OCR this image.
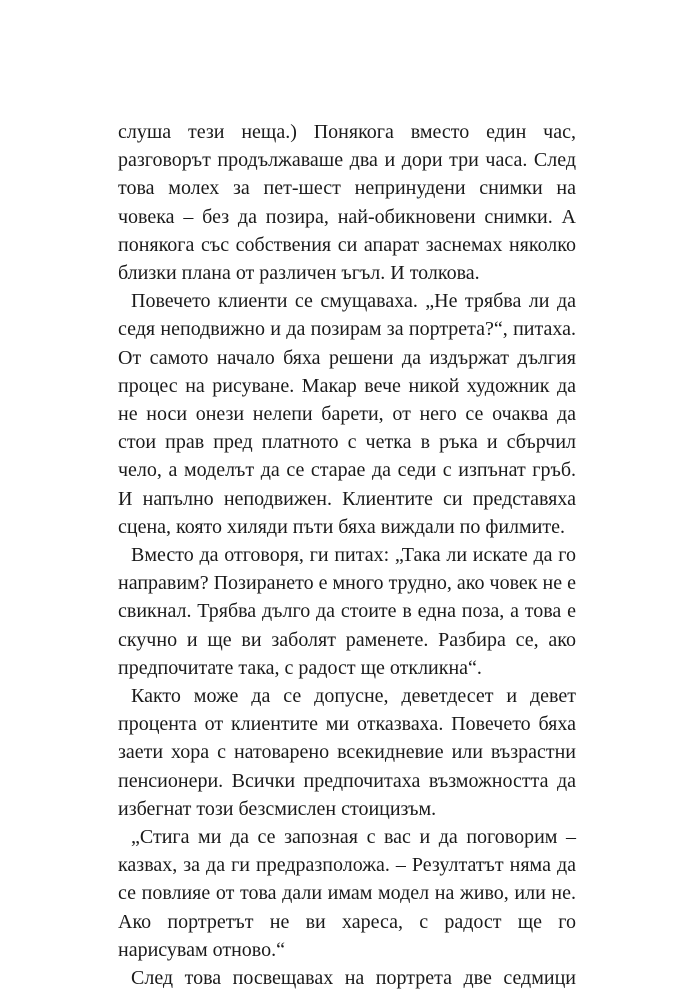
слуша тези неща.) Понякога вместо един час, разговорът продължаваше два и дори три часа. След това молех за пет-шест непринудени снимки на човека – без да позира, най-обикновени снимки. А понякога със собствения си апарат заснемах няколко близки плана от различен ъгъл. И толкова.

Повечето клиенти се смущаваха. „Не трябва ли да седя неподвижно и да позирам за портрета?“, питаха. От самото начало бяха решени да издържат дългия процес на рисуване. Макар вече никой художник да не носи онези нелепи барети, от него се очаква да стои прав пред платното с четка в ръка и сбърчил чело, а моделът да се старае да седи с изпънат гръб. И напълно неподвижен. Клиентите си представяха сцена, която хиляди пъти бяха виждали по филмите.

Вместо да отговоря, ги питах: „Така ли искате да го направим? Позирането е много трудно, ако човек не е свикнал. Трябва дълго да стоите в една поза, а това е скучно и ще ви заболят раменете. Разбира се, ако предпочитате така, с радост ще откликна“.

Както може да се допусне, деветдесет и девет процента от клиентите ми отказваха. Повечето бяха заети хора с натоварено всекидневие или възрастни пенсионери. Всички предпочитаха възможността да избегнат този безсмислен стоицизъм.

„Стига ми да се запозная с вас и да поговорим – казвах, за да ги предразположа. – Резултатът няма да се повлияе от това дали имам модел на живо, или не. Ако портретът не ви хареса, с радост ще го нарисувам отново.“

След това посвещавах на портрета две седмици
